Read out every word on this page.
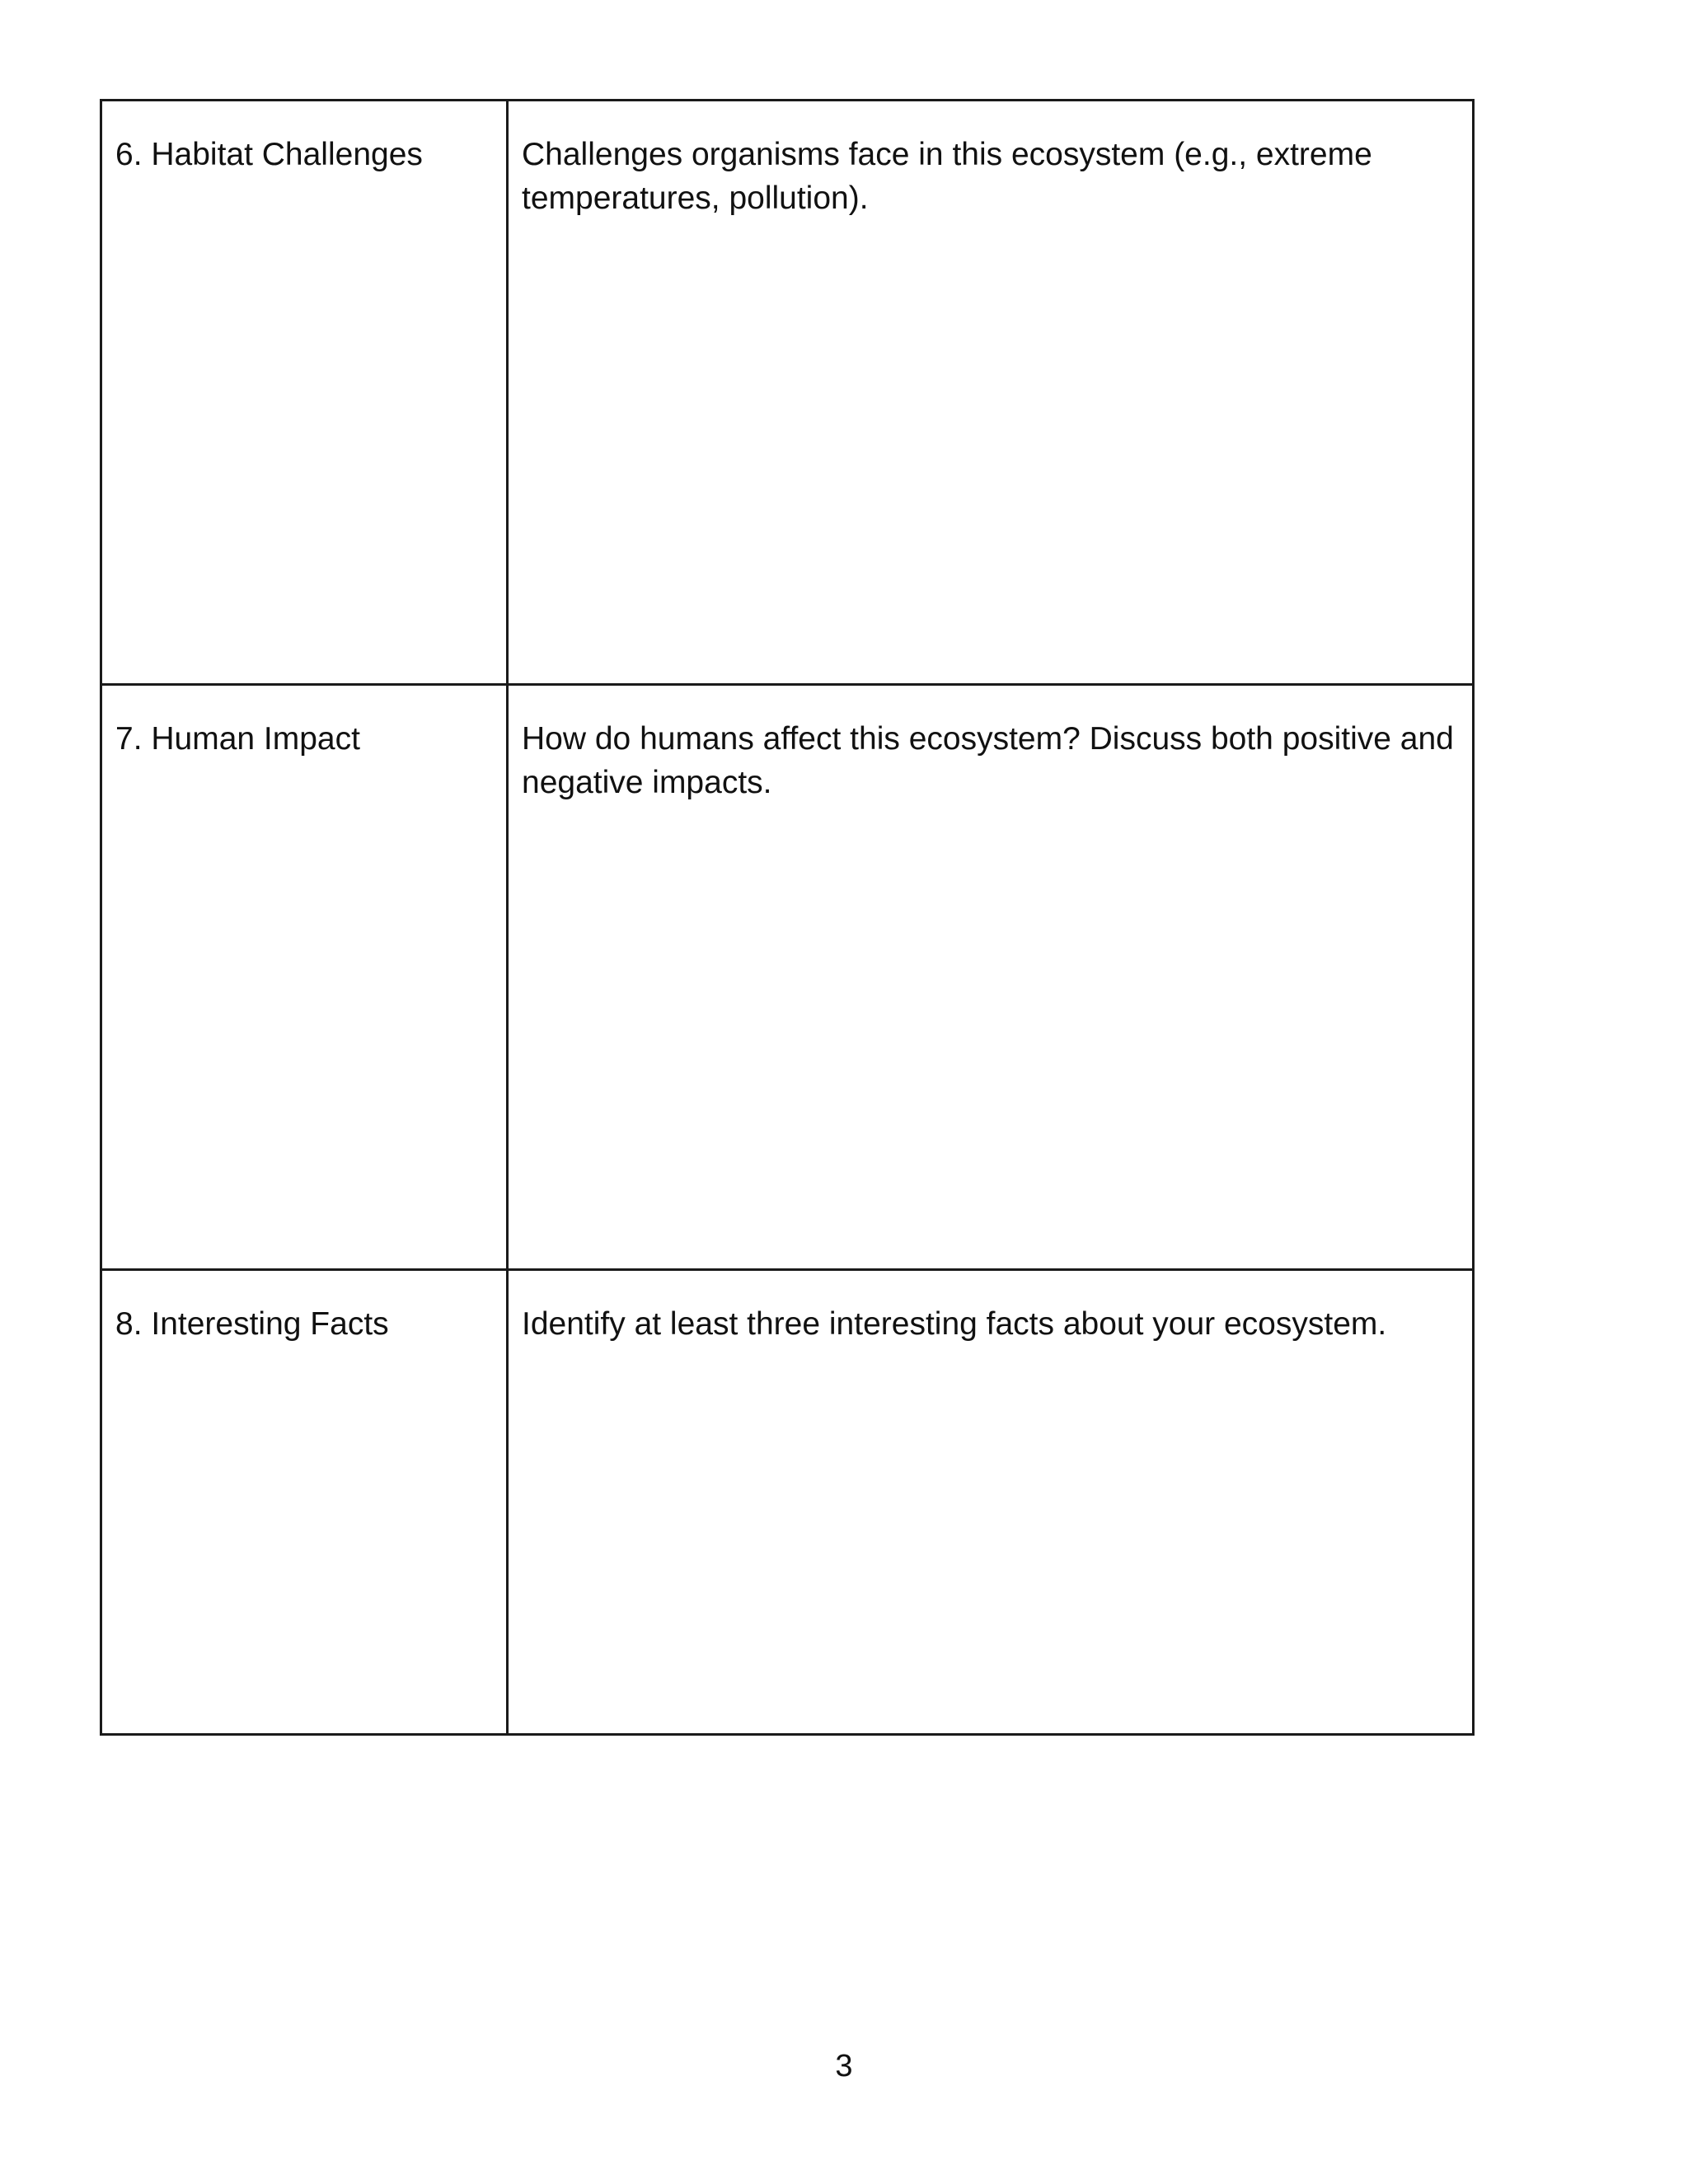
6. Habitat Challenges	Challenges organisms face in this ecosystem (e.g., extreme temperatures, pollution).
7. Human Impact	How do humans affect this ecosystem? Discuss both positive and negative impacts.
8. Interesting Facts	Identify at least three interesting facts about your ecosystem.
3
